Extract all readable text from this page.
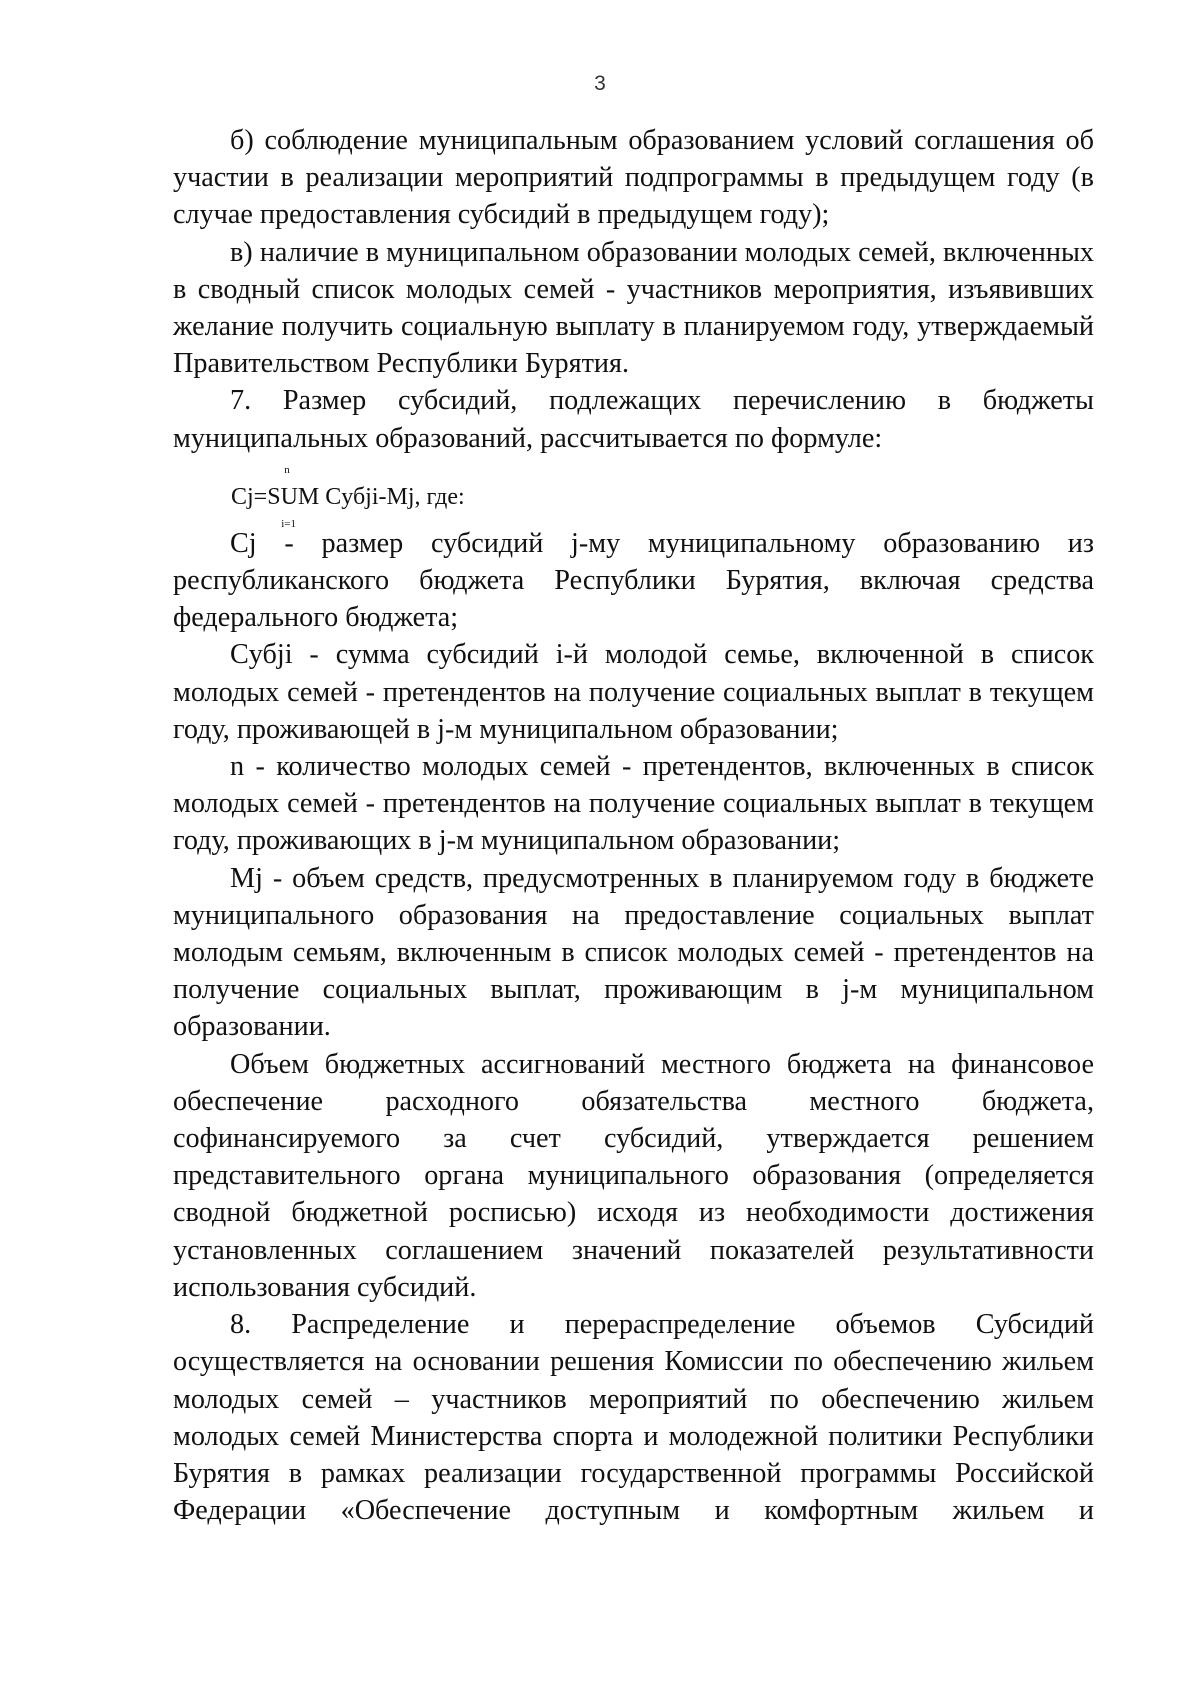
3

б) соблюдение муниципальным образованием условий соглашения об участии в реализации мероприятий подпрограммы в предыдущем году (в случае предоставления субсидий в предыдущем году);

в) наличие в муниципальном образовании молодых семей, включенных в сводный список молодых семей - участников мероприятия, изъявивших желание получить социальную выплату в планируемом году, утверждаемый Правительством Республики Бурятия.

7. Размер субсидий, подлежащих перечислению в бюджеты муниципальных образований, рассчитывается по формуле:

Cj=
n
SUM
i=1
Cубji-Mj, где:

Cj - размер субсидий j-му муниципальному образованию из республиканского бюджета Республики Бурятия, включая средства федерального бюджета;

Cубji - сумма субсидий i-й молодой семье, включенной в список молодых семей - претендентов на получение социальных выплат в текущем году, проживающей в j-м муниципальном образовании;

n - количество молодых семей - претендентов, включенных в список молодых семей - претендентов на получение социальных выплат в текущем году, проживающих в j-м муниципальном образовании;

Mj - объем средств, предусмотренных в планируемом году в бюджете муниципального образования на предоставление социальных выплат молодым семьям, включенным в список молодых семей - претендентов на получение социальных выплат, проживающим в j-м муниципальном образовании.

Объем бюджетных ассигнований местного бюджета на финансовое обеспечение расходного обязательства местного бюджета, софинансируемого за счет субсидий, утверждается решением представительного органа муниципального образования (определяется сводной бюджетной росписью) исходя из необходимости достижения установленных соглашением значений показателей результативности использования субсидий.

8. Распределение и перераспределение объемов Субсидий осуществляется на основании решения Комиссии по обеспечению жильем молодых семей – участников мероприятий по обеспечению жильем молодых семей Министерства спорта и молодежной политики Республики Бурятия в рамках реализации государственной программы Российской Федерации «Обеспечение доступным и комфортным жильем и
